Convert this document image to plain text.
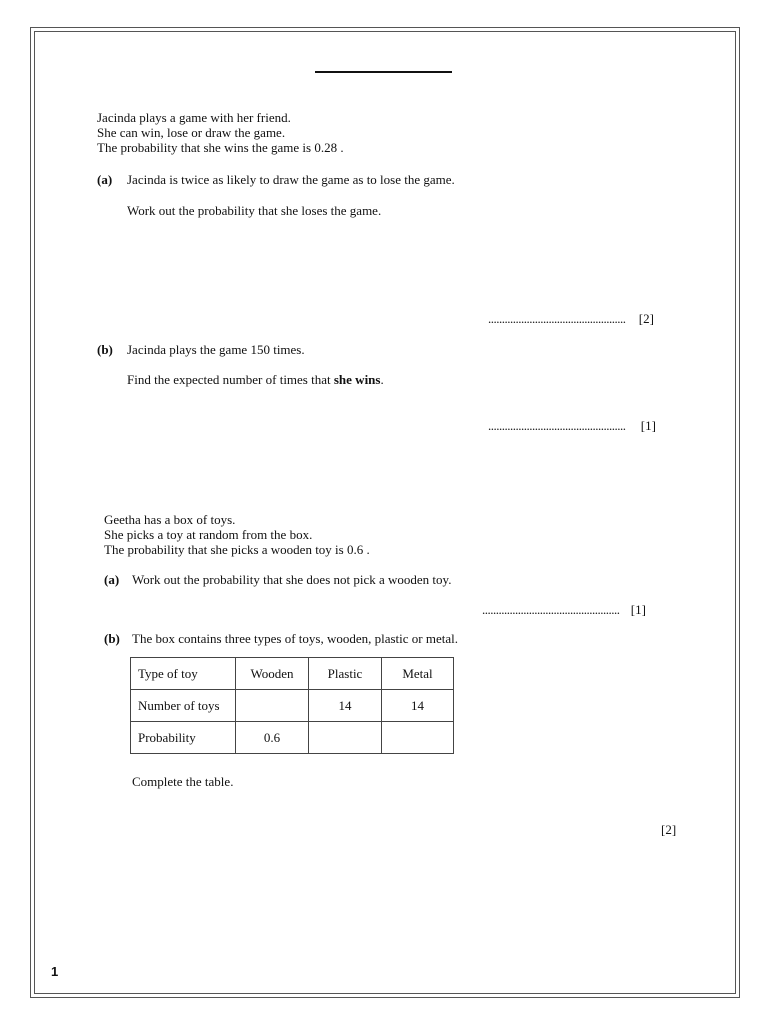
Jacinda plays a game with her friend.
She can win, lose or draw the game.
The probability that she wins the game is 0.28 .
(a) Jacinda is twice as likely to draw the game as to lose the game.
Work out the probability that she loses the game.
.................................................. [2]
(b) Jacinda plays the game 150 times.
Find the expected number of times that she wins.
.................................................. [1]
Geetha has a box of toys.
She picks a toy at random from the box.
The probability that she picks a wooden toy is 0.6 .
(a) Work out the probability that she does not pick a wooden toy.
.................................................. [1]
(b) The box contains three types of toys, wooden, plastic or metal.
Type of toy	Wooden	Plastic	Metal
Number of toys		14	14
Probability	0.6		
Complete the table.
[2]
1
